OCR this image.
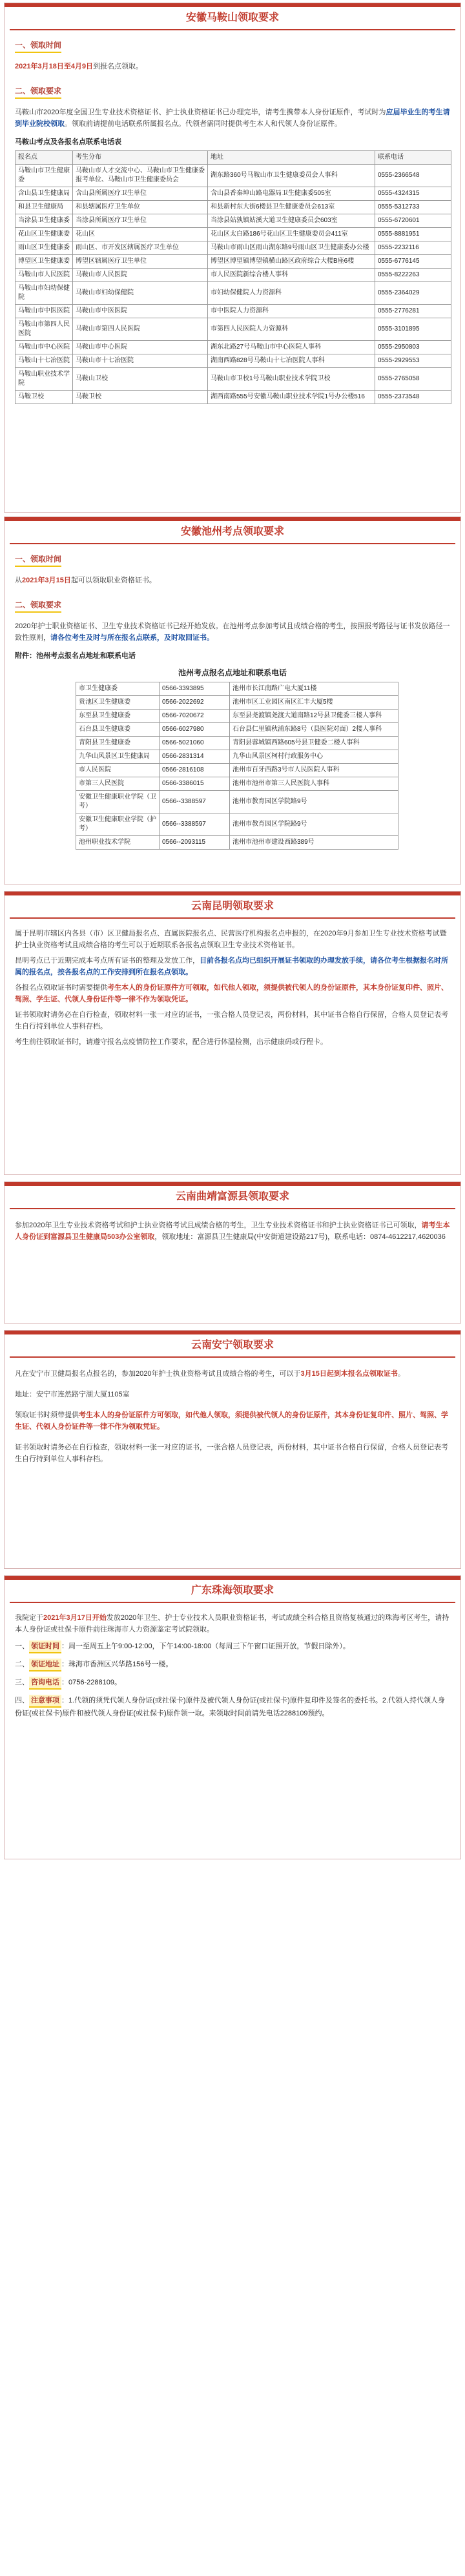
安徽马鞍山领取要求
一、领取时间
2021年3月18日至4月9日到报名点领取。
二、领取要求
马鞍山市2020年度全国卫生专业技术资格证书、护士执业资格证书已办理完毕，请考生携带本人身份证原件，考试时为应届毕业生的考生请到毕业院校领取。领取前请提前电话联系所属报名点。代领者需同时提供考生本人和代领人身份证原件。
马鞍山考点及各报名点联系电话表
报名点	考生分布	地址	联系电话
马鞍山市卫生健康委	马鞍山市人才交流中心、马鞍山市卫生健康委报考单位、马鞍山市卫生健康委员会	湖东路360号马鞍山市卫生健康委员会人事科	0555-2366548
含山县卫生健康局	含山县所属医疗卫生单位	含山县香秦坤山路电器局卫生健康委505室	0555-4324315
和县卫生健康局	和县辖属医疗卫生单位	和县新村东大街6楼县卫生健康委员会613室	0555-5312733
当涂县卫生健康委	当涂县所属医疗卫生单位	当涂县姑孰镇姑溪大道卫生健康委员会603室	0555-6720601
花山区卫生健康委	花山区	花山区太白路186号花山区卫生健康委员会411室	0555-8881951
雨山区卫生健康委	雨山区、市开发区辖属医疗卫生单位	马鞍山市雨山区雨山湖东路9号雨山区卫生健康委办公楼	0555-2232116
博望区卫生健康委	博望区辖属医疗卫生单位	博望区博望镇博望镇横山路区政府综合大楼B座6楼	0555-6776145
马鞍山市人民医院	马鞍山市人民医院	市人民医院新综合楼人事科	0555-8222263
马鞍山市妇幼保健院	马鞍山市妇幼保健院	市妇幼保健院人力资源科	0555-2364029
马鞍山市中医医院	马鞍山市中医医院	市中医院人力资源科	0555-2776281
马鞍山市第四人民医院	马鞍山市第四人民医院	市第四人民医院人力资源科	0555-3101895
马鞍山市中心医院	马鞍山市中心医院	湖东北路27号马鞍山市中心医院人事科	0555-2950803
马鞍山十七冶医院	马鞍山市十七冶医院	湖南西路828号马鞍山十七冶医院人事科	0555-2929553
马鞍山职业技术学院	马鞍山卫校	马鞍山市卫校1号马鞍山职业技术学院卫校	0555-2765058
马鞍卫校	马鞍卫校	湖西南路555号安徽马鞍山职业技术学院1号办公楼516	0555-2373548
安徽池州考点领取要求
一、领取时间
从2021年3月15日起可以领取职业资格证书。
二、领取要求
2020年护士职业资格证书、卫生专业技术资格证书已经开始发放。在池州考点参加考试且成绩合格的考生，按照报考路径与证书发放路径一致性原则，请各位考生及时与所在报名点联系，及时取回证书。
附件：池州考点报名点地址和联系电话
池州考点报名点地址和联系电话
市卫生健康委	0566-3393895	池州市长江南路广电大厦11楼
贵池区卫生健康委	0566-2022692	池州市区工业园区南区汇丰大厦5楼
东至县卫生健康委	0566-7020672	东至县尧渡镇尧渡大道南路12号县卫健委三楼人事科
石台县卫生健康委	0566-6027980	石台县仁里镇秋浦东路8号（县医院对面）2楼人事科
青阳县卫生健康委	0566-5021060	青阳县蓉城镇西路605号县卫健委二楼人事科
九华山风景区卫生健康局	0566-2831314	九华山风景区柯村行政服务中心
市人民医院	0566-2816108	池州市百牙西路3号市人民医院人事科
市第三人民医院	0566-3386015	池州市池州市第三人民医院人事科
安徽卫生健康职业学院（卫考）	0566--3388597	池州市教育园区学院路9号
安徽卫生健康职业学院（护考）	0566--3388597	池州市教育园区学院路9号
池州职业技术学院	0566--2093115	池州市池州市建设西路389号
云南昆明领取要求
属于昆明市辖区内各县（市）区卫健局报名点、直属医院报名点、民营医疗机构报名点申报的，在2020年9月参加卫生专业技术资格考试暨护士执业资格考试且成绩合格的考生可以于近期联系各报名点领取卫生专业技术资格证书。
昆明考点已于近期完成本考点所有证书的整理及发放工作，目前各报名点均已组织开展证书领取的办理发放手续，请各位考生根据报名时所属的报名点，按各报名点的工作安排到所在报名点领取。
各报名点领取证书时需要提供考生本人的身份证原件方可领取，如代他人领取，须提供被代领人的身份证原件，其本身份证复印件、照片、驾照、学生证、代领人身份证件等一律不作为领取凭证。
证书领取时请务必在自行检查，领取材料一张一对应的证书，一张合格人员登记表，两份材料，其中证书合格自行保留，合格人员登记表考生自行持到单位人事科存档。
考生前往领取证书时，请遵守报名点疫情防控工作要求，配合进行体温检测，出示健康码或行程卡。
云南曲靖富源县领取要求
参加2020年卫生专业技术资格考试和护士执业资格考试且成绩合格的考生，卫生专业技术资格证书和护士执业资格证书已可领取，请考生本人身份证到富源县卫生健康局503办公室领取，领取地址：富源县卫生健康局(中安街道建设路217号)，联系电话：0874-4612217,4620036
云南安宁领取要求
凡在安宁市卫健局报名点报名的，参加2020年护士执业资格考试且成绩合格的考生，可以于3月15日起到本报名点领取证书。
地址：安宁市连然路宁湖大厦1105室
领取证书时须带提供考生本人的身份证原件方可领取，如代他人领取，须提供被代领人的身份证原件，其本身份证复印件、照片、驾照、学生证、代领人身份证件等一律不作为领取凭证。
证书领取时请务必在自行检查，领取材料一张一对应的证书，一张合格人员登记表，两份材料，其中证书合格自行保留，合格人员登记表考生自行持到单位人事科存档。
广东珠海领取要求
我院定于2021年3月17日开始发放2020年卫生、护士专业技术人员职业资格证书，考试成绩全科合格且资格复核通过的珠海考区考生，请持本人身份证或社保卡原件前往珠海市人力资源鉴定考试院领取。
一、 领证时间 ：周一至周五上午9:00-12:00，下午14:00-18:00（每周三下午窗口证照开放，节假日除外）。
二、 领证地址 ：珠海市香洲区兴华路156号一楼。
三、 咨询电话 ：0756-2288109。
四、 注意事项 ：1.代领的须凭代领人身份证(或社保卡)原件及被代领人身份证(或社保卡)原件复印件及签名的委托书。2.代领人持代领人身份证(或社保卡)原件和被代领人身份证(或社保卡)原件领一取。来领取时间前请先电话2288109预约。
